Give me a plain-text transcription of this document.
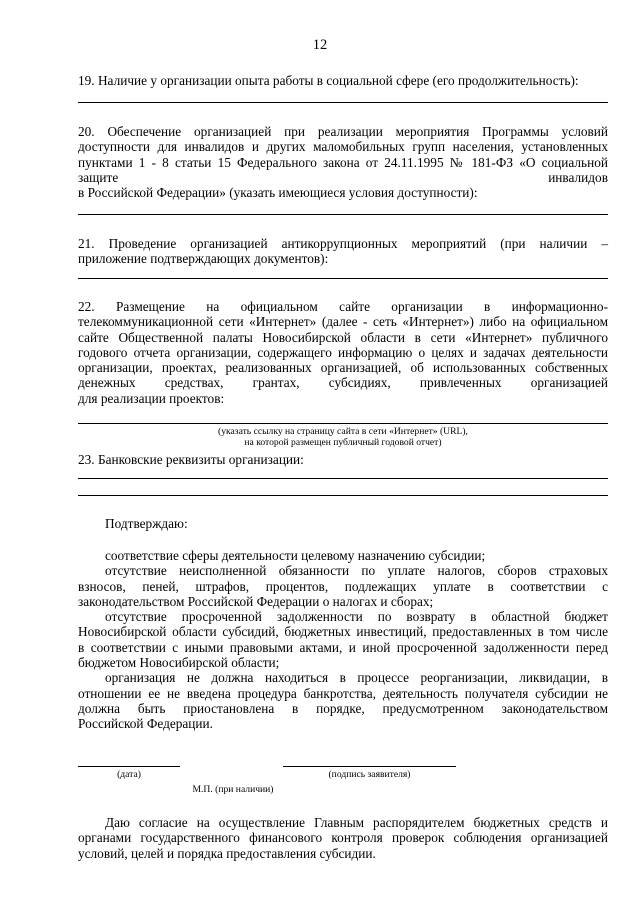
12
19. Наличие у организации опыта работы в социальной сфере (его продолжительность):
20. Обеспечение организацией при реализации мероприятия Программы условий
доступности для инвалидов и других маломобильных групп населения, установленных
пунктами 1 - 8 статьи 15 Федерального закона от 24.11.1995 № 181-ФЗ «О социальной
защите	инвалидов
в Российской Федерации» (указать имеющиеся условия доступности):
21. Проведение организацией антикоррупционных мероприятий (при наличии –
приложение подтверждающих документов):
22. Размещение на официальном сайте организации в информационно-
телекоммуникационной сети «Интернет» (далее - сеть «Интернет») либо на официальном
сайте Общественной палаты Новосибирской области в сети «Интернет» публичного
годового отчета организации, содержащего информацию о целях и задачах деятельности
организации, проектах, реализованных организацией, об использованных собственных
денежных средствах, грантах, субсидиях, привлеченных организацией
для реализации проектов:
(указать ссылку на страницу сайта в сети «Интернет» (URL),
на которой размещен публичный годовой отчет)
23. Банковские реквизиты организации:
Подтверждаю:
соответствие сферы деятельности целевому назначению субсидии;
отсутствие неисполненной обязанности по уплате налогов, сборов страховых
взносов, пеней, штрафов, процентов, подлежащих уплате в соответствии с
законодательством Российской Федерации о налогах и сборах;
отсутствие просроченной задолженности по возврату в областной бюджет
Новосибирской области субсидий, бюджетных инвестиций, предоставленных в том числе
в соответствии с иными правовыми актами, и иной просроченной задолженности перед
бюджетом Новосибирской области;
организация не должна находиться в процессе реорганизации, ликвидации, в
отношении ее не введена процедура банкротства, деятельность получателя субсидии не
должна быть приостановлена в порядке, предусмотренном законодательством
Российской Федерации.
(дата)	(подпись заявителя)
М.П. (при наличии)
Даю согласие на осуществление Главным распорядителем бюджетных средств и
органами государственного финансового контроля проверок соблюдения организацией
условий, целей и порядка предоставления субсидии.
